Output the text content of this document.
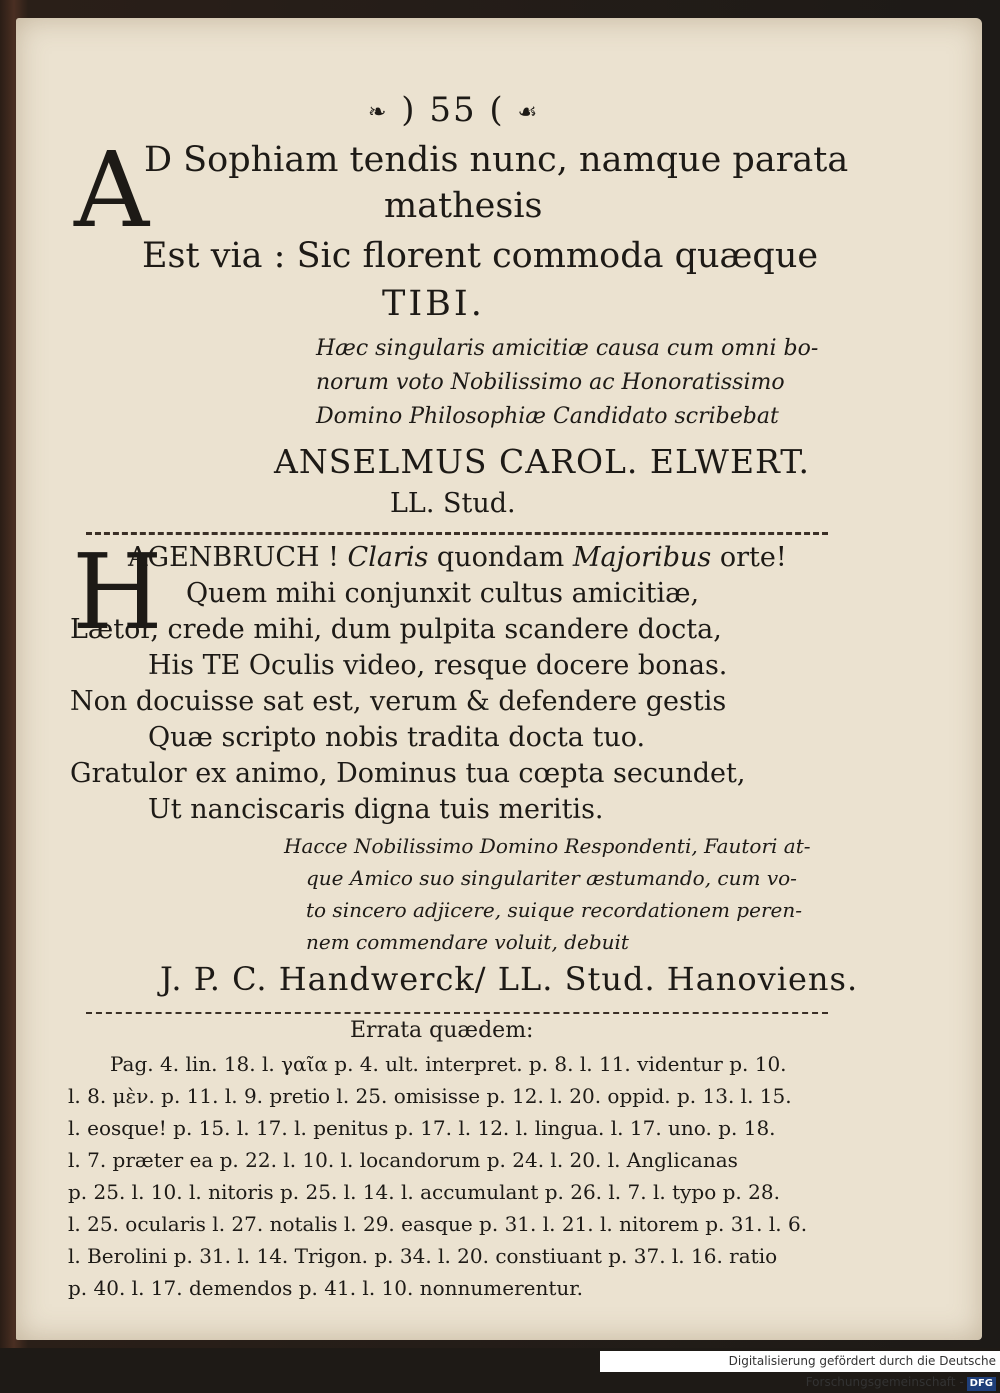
❧ ) 55 ( ☙
A
D Sophiam tendis nunc, namque parata
mathesis
Est via : Sic florent commoda quæque
TIBI.
Hæc singularis amicitiæ causa cum omni bo-
norum voto Nobilissimo ac Honoratissimo
Domino Philosophiæ Candidato scribebat
ANSELMUS CAROL. ELWERT.
LL. Stud.
H
AGENBRUCH ! Claris quondam Majoribus orte!
Quem mihi conjunxit cultus amicitiæ,
Lætor, crede mihi, dum pulpita scandere docta,
His TE Oculis video, resque docere bonas.
Non docuisse sat est, verum & defendere gestis
Quæ scripto nobis tradita docta tuo.
Gratulor ex animo, Dominus tua cœpta secundet,
Ut nanciscaris digna tuis meritis.
Hacce Nobilissimo Domino Respondenti, Fautori at-
que Amico suo singulariter æstumando, cum vo-
to sincero adjicere, suique recordationem peren-
nem commendare voluit, debuit
J. P. C. Handwerck/ LL. Stud. Hanoviens.
Errata quædem:
Pag. 4. lin. 18. l. γαῖα p. 4. ult. interpret. p. 8. l. 11. videntur p. 10.
l. 8. μὲν. p. 11. l. 9. pretio l. 25. omisisse p. 12. l. 20. oppid. p. 13. l. 15.
l. eosque! p. 15. l. 17. l. penitus p. 17. l. 12. l. lingua. l. 17. uno. p. 18.
l. 7. præter ea p. 22. l. 10. l. locandorum p. 24. l. 20. l. Anglicanas
p. 25. l. 10. l. nitoris p. 25. l. 14. l. accumulant p. 26. l. 7. l. typo p. 28.
l. 25. ocularis l. 27. notalis l. 29. easque p. 31. l. 21. l. nitorem p. 31. l. 6.
l. Berolini p. 31. l. 14. Trigon. p. 34. l. 20. constiuant p. 37. l. 16. ratio
p. 40. l. 17. demendos p. 41. l. 10. nonnumerentur.
Digitalisierung gefördert durch die Deutsche Forschungsgemeinschaft - DFG
